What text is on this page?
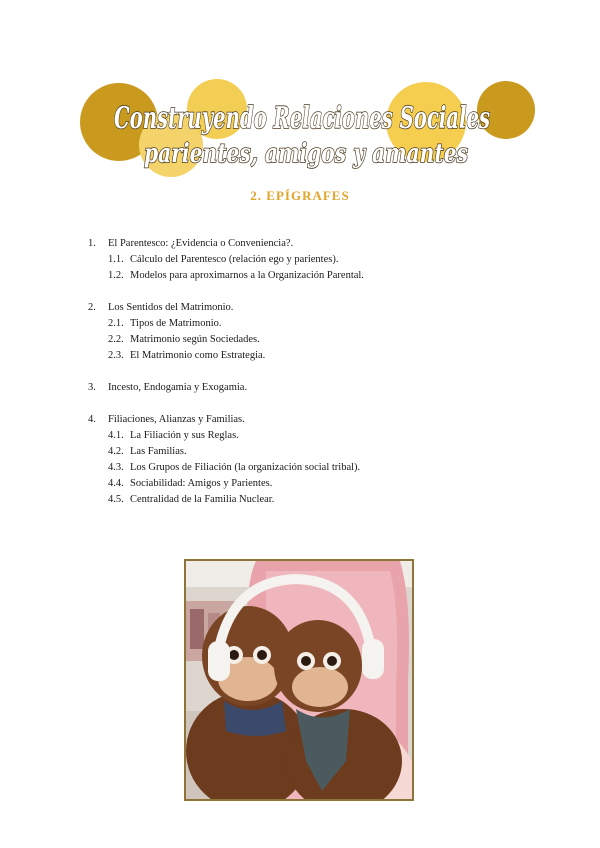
Construyendo Relaciones Sociales
parientes, amigos y amantes
2. EPÍGRAFES
1.	El Parentesco: ¿Evidencia o Conveniencia?.
1.1. Cálculo del Parentesco (relación ego y parientes).
1.2. Modelos para aproximarnos a la Organización Parental.
2.	Los Sentidos del Matrimonio.
2.1. Tipos de Matrimonio.
2.2. Matrimonio según Sociedades.
2.3. El Matrimonio como Estrategia.
3.	Incesto, Endogamia y Exogamia.
4.	Filiaciones, Alianzas y Familias.
4.1. La Filiación y sus Reglas.
4.2. Las Familias.
4.3. Los Grupos de Filiación (la organización social tribal).
4.4. Sociabilidad: Amigos y Parientes.
4.5. Centralidad de la Familia Nuclear.
